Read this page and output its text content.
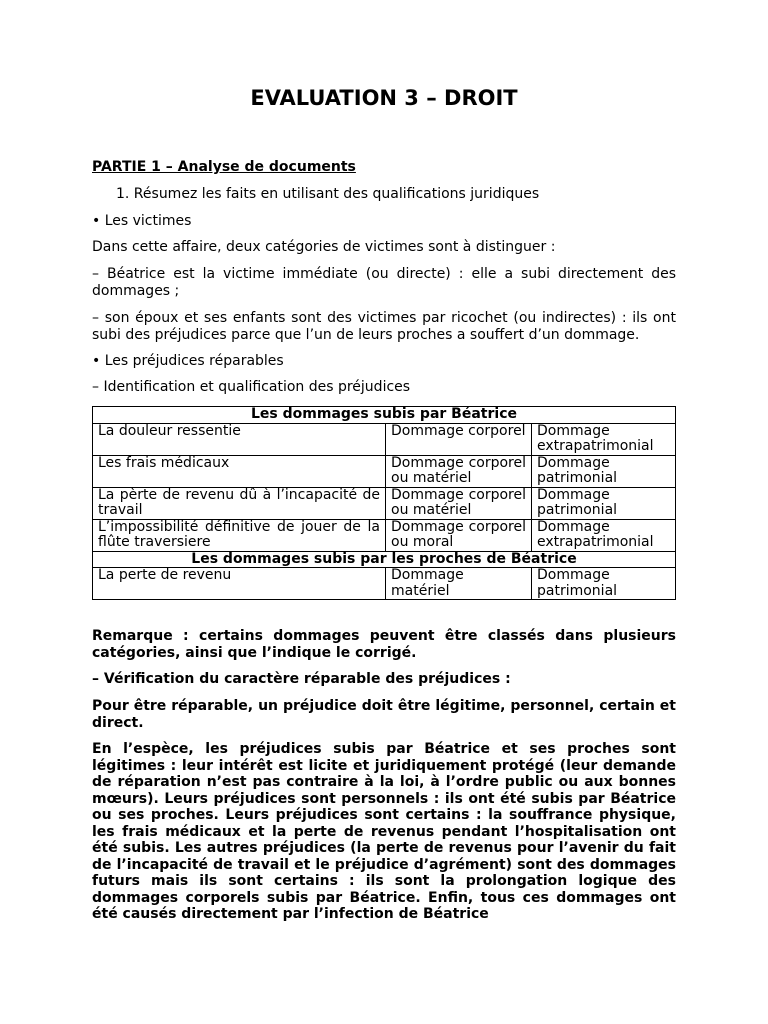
EVALUATION 3 – DROIT

PARTIE 1 – Analyse de documents

1. Résumez les faits en utilisant des qualifications juridiques

• Les victimes

Dans cette affaire, deux catégories de victimes sont à distinguer :

– Béatrice est la victime immédiate (ou directe) : elle a subi directement des dommages ;

– son époux et ses enfants sont des victimes par ricochet (ou indirectes) : ils ont subi des préjudices parce que l’un de leurs proches a souffert d’un dommage.

• Les préjudices réparables

– Identification et qualification des préjudices

Les dommages subis par Béatrice		
La douleur ressentie	Dommage corporel	Dommage extrapatrimonial
Les frais médicaux	Dommage corporel ou matériel	Dommage patrimonial
La pèrte de revenu dû à l’incapacité de travail	Dommage corporel ou matériel	Dommage patrimonial
L’impossibilité définitive de jouer de la flûte traversiere	Dommage corporel ou moral	Dommage extrapatrimonial
Les dommages subis par les proches de Béatrice		
La perte de revenu	Dommage matériel	Dommage patrimonial

Remarque : certains dommages peuvent être classés dans plusieurs catégories, ainsi que l’indique le corrigé.

– Vérification du caractère réparable des préjudices :

Pour être réparable, un préjudice doit être légitime, personnel, certain et direct.

En l’espèce, les préjudices subis par Béatrice et ses proches sont légitimes : leur intérêt est licite et juridiquement protégé (leur demande de réparation n’est pas contraire à la loi, à l’ordre public ou aux bonnes mœurs). Leurs préjudices sont personnels : ils ont été subis par Béatrice ou ses proches. Leurs préjudices sont certains : la souffrance physique, les frais médicaux et la perte de revenus pendant l’hospitalisation ont été subis. Les autres préjudices (la perte de revenus pour l’avenir du fait de l’incapacité de travail et le préjudice d’agrément) sont des dommages futurs mais ils sont certains : ils sont la prolongation logique des dommages corporels subis par Béatrice. Enfin, tous ces dommages ont été causés directement par l’infection de Béatrice
